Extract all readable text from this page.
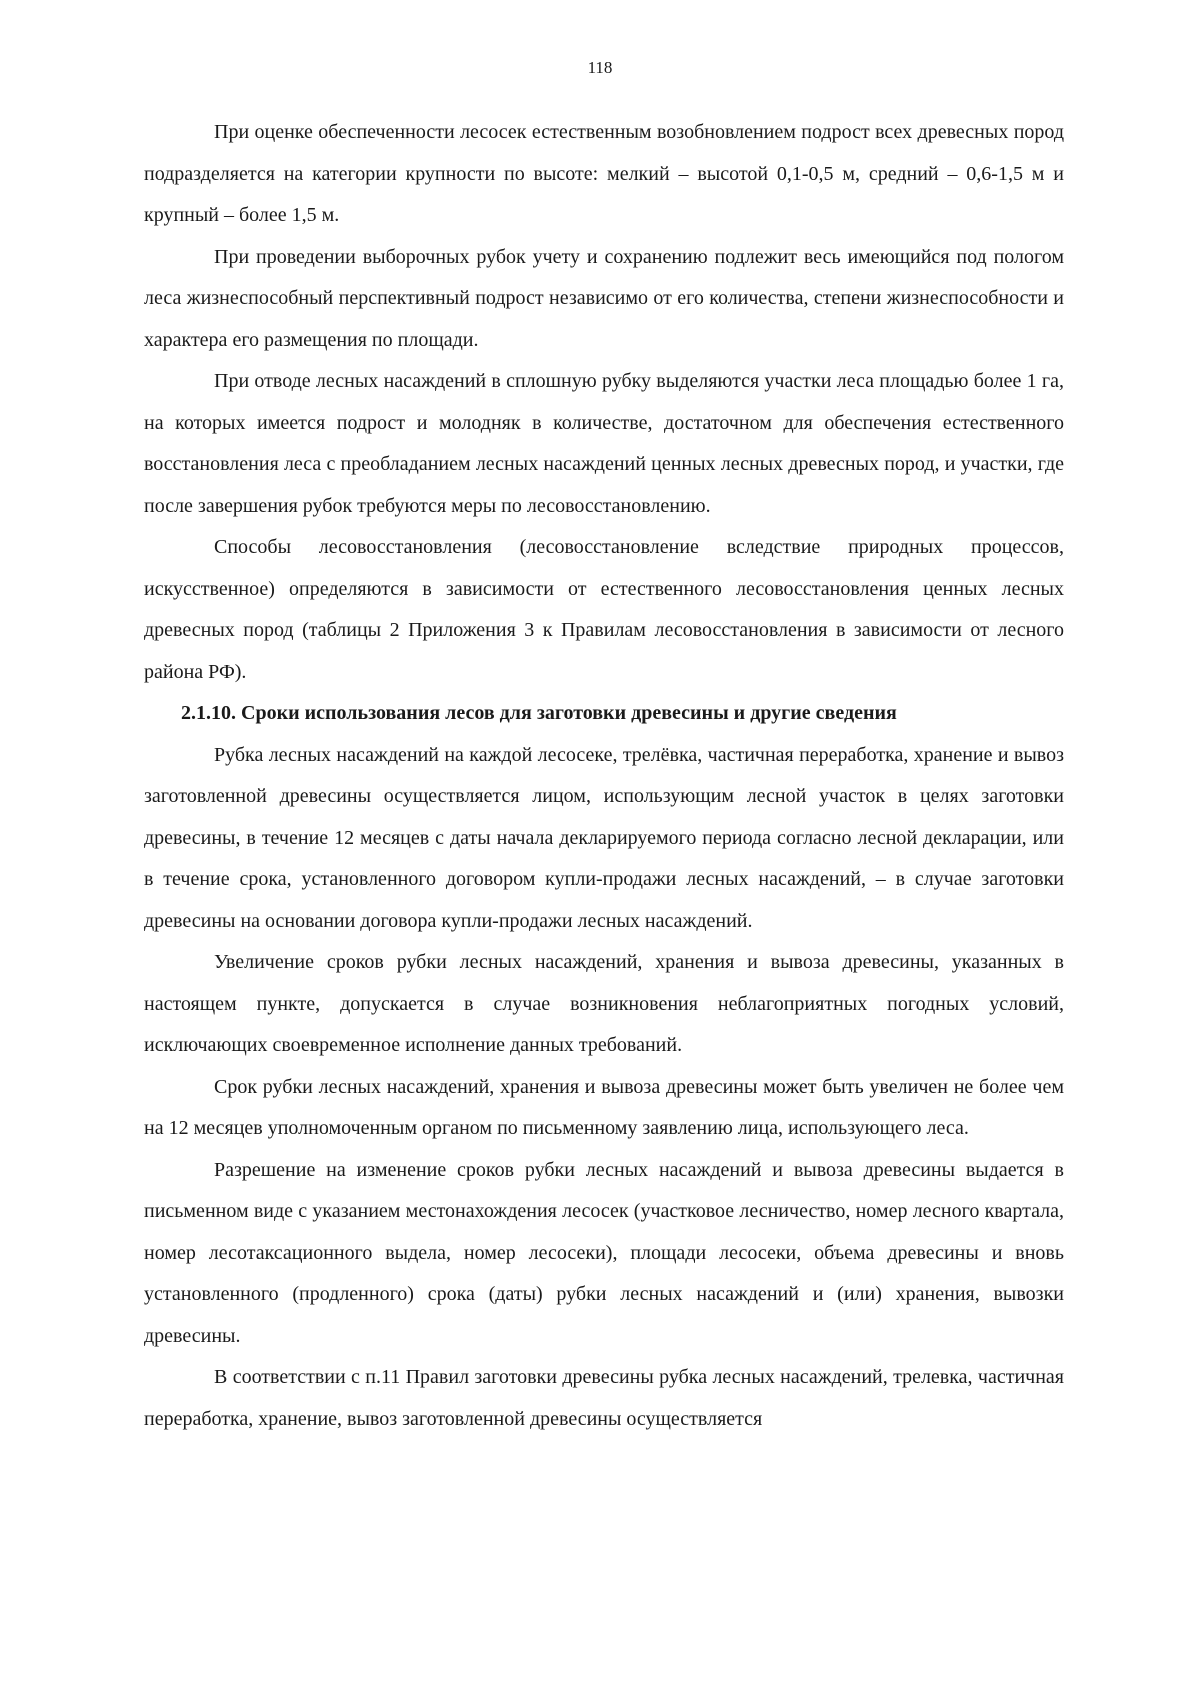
118

При оценке обеспеченности лесосек естественным возобновлением подрост всех древесных пород подразделяется на категории крупности по высоте: мелкий – высотой 0,1-0,5 м, средний – 0,6-1,5 м и крупный – более 1,5 м.

При проведении выборочных рубок учету и сохранению подлежит весь имеющийся под пологом леса жизнеспособный перспективный подрост независимо от его количества, степени жизнеспособности и характера его размещения по площади.

При отводе лесных насаждений в сплошную рубку выделяются участки леса площадью более 1 га, на которых имеется подрост и молодняк в количестве, достаточном для обеспечения естественного восстановления леса с преобладанием лесных насаждений ценных лесных древесных пород, и участки, где после завершения рубок требуются меры по лесовосстановлению.

Способы лесовосстановления (лесовосстановление вследствие природных процессов, искусственное) определяются в зависимости от естественного лесовосстановления ценных лесных древесных пород (таблицы 2 Приложения 3 к Правилам лесовосстановления в зависимости от лесного района РФ).

2.1.10. Сроки использования лесов для заготовки древесины и другие сведения

Рубка лесных насаждений на каждой лесосеке, трелёвка, частичная переработка, хранение и вывоз заготовленной древесины осуществляется лицом, использующим лесной участок в целях заготовки древесины, в течение 12 месяцев с даты начала декларируемого периода согласно лесной декларации, или в течение срока, установленного договором купли-продажи лесных насаждений, – в случае заготовки древесины на основании договора купли-продажи лесных насаждений.

Увеличение сроков рубки лесных насаждений, хранения и вывоза древесины, указанных в настоящем пункте, допускается в случае возникновения неблагоприятных погодных условий, исключающих своевременное исполнение данных требований.

Срок рубки лесных насаждений, хранения и вывоза древесины может быть увеличен не более чем на 12 месяцев уполномоченным органом по письменному заявлению лица, использующего леса.

Разрешение на изменение сроков рубки лесных насаждений и вывоза древесины выдается в письменном виде с указанием местонахождения лесосек (участковое лесничество, номер лесного квартала, номер лесотаксационного выдела, номер лесосеки), площади лесосеки, объема древесины и вновь установленного (продленного) срока (даты) рубки лесных насаждений и (или) хранения, вывозки древесины.

В соответствии с п.11 Правил заготовки древесины рубка лесных насаждений, трелевка, частичная переработка, хранение, вывоз заготовленной древесины осуществляется
